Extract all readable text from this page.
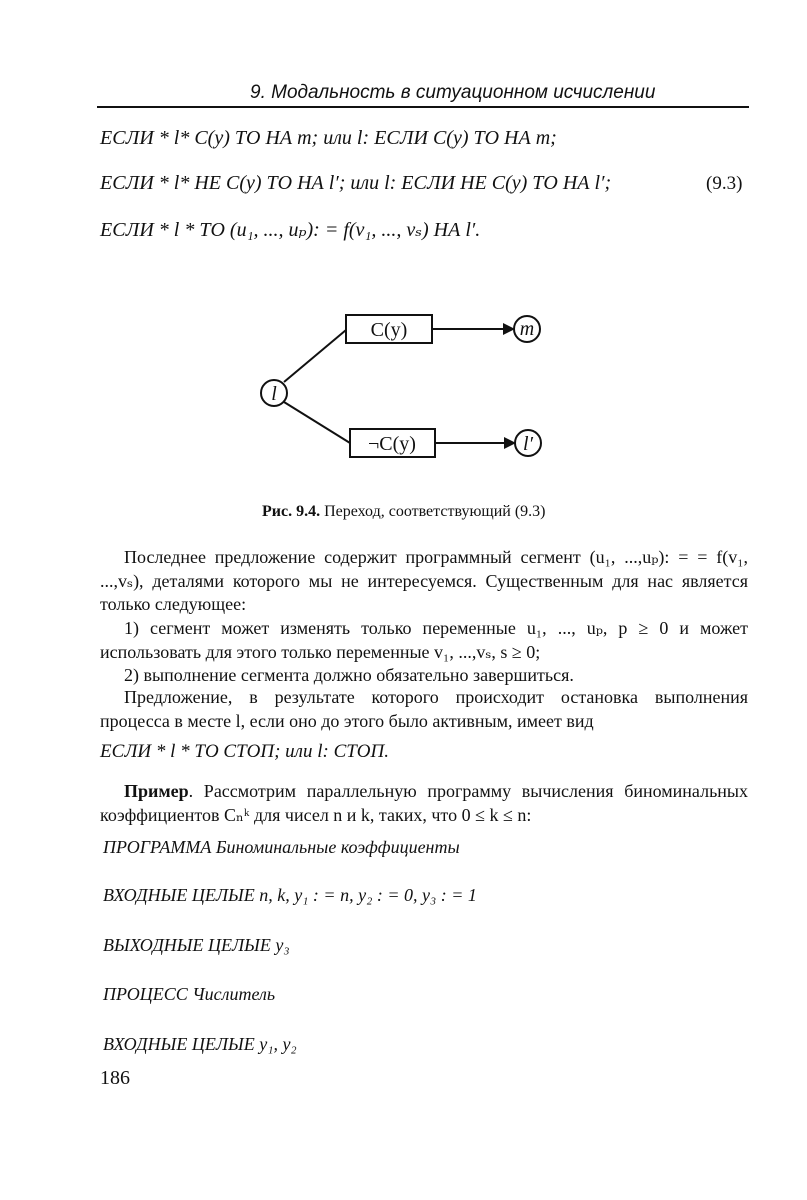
9. Модальность в ситуационном исчислении
ЕСЛИ * l* C(y) ТО НА m; или l: ЕСЛИ C(y) ТО НА m;
ЕСЛИ * l* НЕ C(y) ТО НА l′; или l: ЕСЛИ НЕ C(y) ТО НА l′;	(9.3)
ЕСЛИ * l * ТО (u₁, ..., uₚ): = f(v₁, ..., vₛ) НА l′.
C(y)
¬C(y)
l
m
l′
Рис. 9.4. Переход, соответствующий (9.3)
Последнее предложение содержит программный сегмент (u₁, ...,uₚ): = = f(v₁, ...,vₛ), деталями которого мы не интересуемся. Существенным для нас является только следующее:
1) сегмент может изменять только переменные u₁, ..., uₚ, p ≥ 0 и может использовать для этого только переменные v₁, ...,vₛ, s ≥ 0;
2) выполнение сегмента должно обязательно завершиться.
Предложение, в результате которого происходит остановка выполнения процесса в месте l, если оно до этого было активным, имеет вид
ЕСЛИ * l * ТО СТОП; или l: СТОП.
Пример. Рассмотрим параллельную программу вычисления биноминальных коэффициентов Cₙᵏ для чисел n и k, таких, что 0 ≤ k ≤ n:
ПРОГРАММА Биноминальные коэффициенты
ВХОДНЫЕ ЦЕЛЫЕ n, k, y₁ : = n, y₂ : = 0, y₃ : = 1
ВЫХОДНЫЕ ЦЕЛЫЕ y₃
ПРОЦЕСС Числитель
ВХОДНЫЕ ЦЕЛЫЕ y₁, y₂
186
